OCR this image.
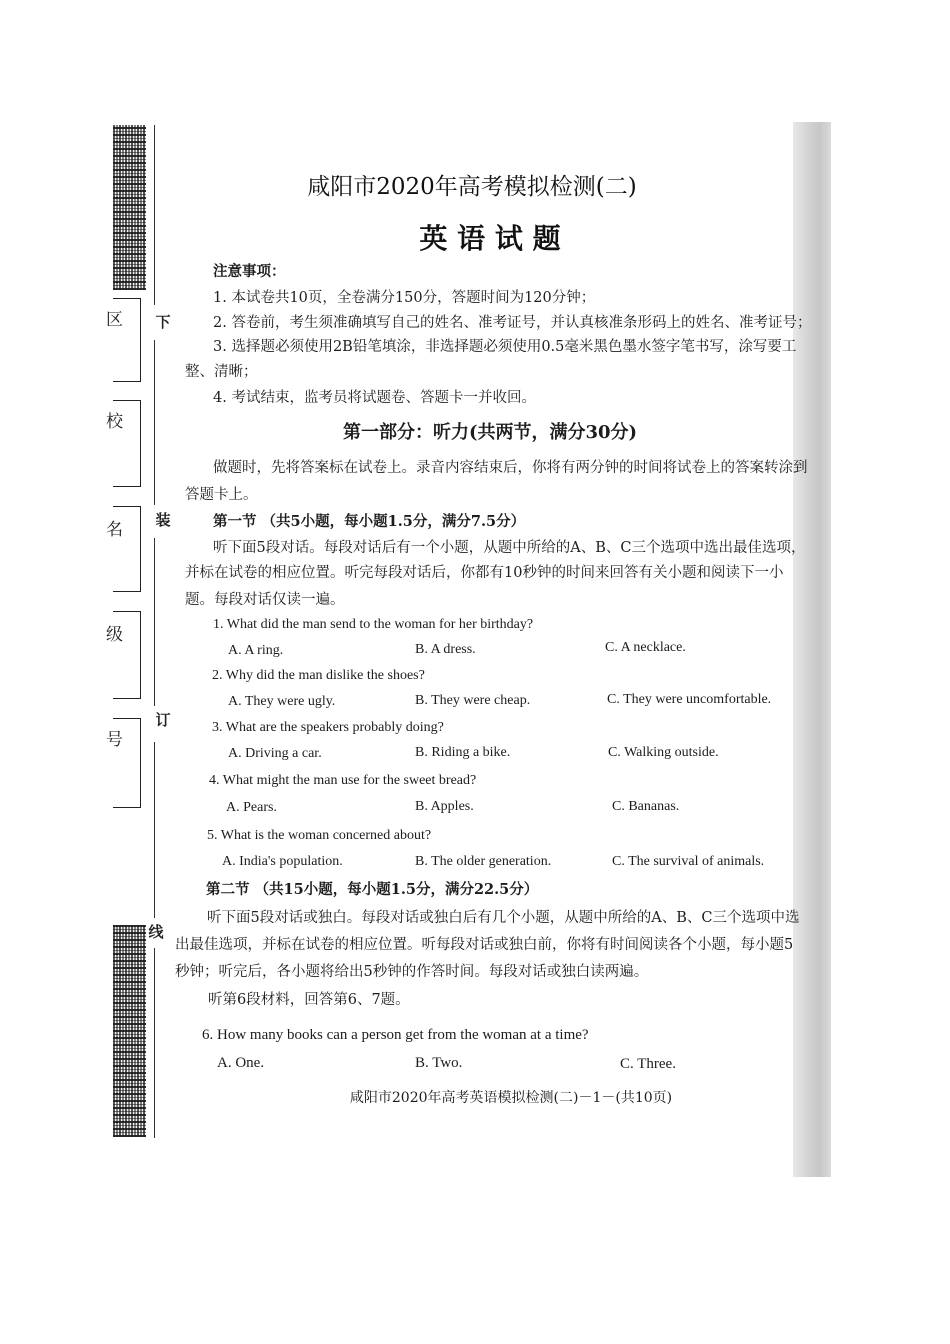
下
装
订
线
区
校
名
级
号
咸阳市2020年高考模拟检测(二)
英 语 试 题
注意事项：
1. 本试卷共10页，全卷满分150分，答题时间为120分钟；
2. 答卷前，考生须准确填写自己的姓名、准考证号，并认真核准条形码上的姓名、准考证号；
3. 选择题必须使用2B铅笔填涂，非选择题必须使用0.5毫米黑色墨水签字笔书写，涂写要工
整、清晰；
4. 考试结束，监考员将试题卷、答题卡一并收回。
第一部分：听力(共两节，满分30分)
做题时，先将答案标在试卷上。录音内容结束后，你将有两分钟的时间将试卷上的答案转涂到
答题卡上。
第一节 （共5小题，每小题1.5分，满分7.5分）
听下面5段对话。每段对话后有一个小题，从题中所给的A、B、C三个选项中选出最佳选项，
并标在试卷的相应位置。听完每段对话后，你都有10秒钟的时间来回答有关小题和阅读下一小
题。每段对话仅读一遍。
1. What did the man send to the woman for her birthday?
A. A ring.	B. A dress.	C. A necklace.
2. Why did the man dislike the shoes?
A. They were ugly.	B. They were cheap.	C. They were uncomfortable.
3. What are the speakers probably doing?
A. Driving a car.	B. Riding a bike.	C. Walking outside.
4. What might the man use for the sweet bread?
A. Pears.	B. Apples.	C. Bananas.
5. What is the woman concerned about?
A. India's population.	B. The older generation.	C. The survival of animals.
第二节 （共15小题，每小题1.5分，满分22.5分）
听下面5段对话或独白。每段对话或独白后有几个小题，从题中所给的A、B、C三个选项中选
出最佳选项，并标在试卷的相应位置。听每段对话或独白前，你将有时间阅读各个小题，每小题5
秒钟；听完后，各小题将给出5秒钟的作答时间。每段对话或独白读两遍。
听第6段材料，回答第6、7题。
6. How many books can a person get from the woman at a time?
A. One.	B. Two.	C. Three.
咸阳市2020年高考英语模拟检测(二)－1－(共10页)
